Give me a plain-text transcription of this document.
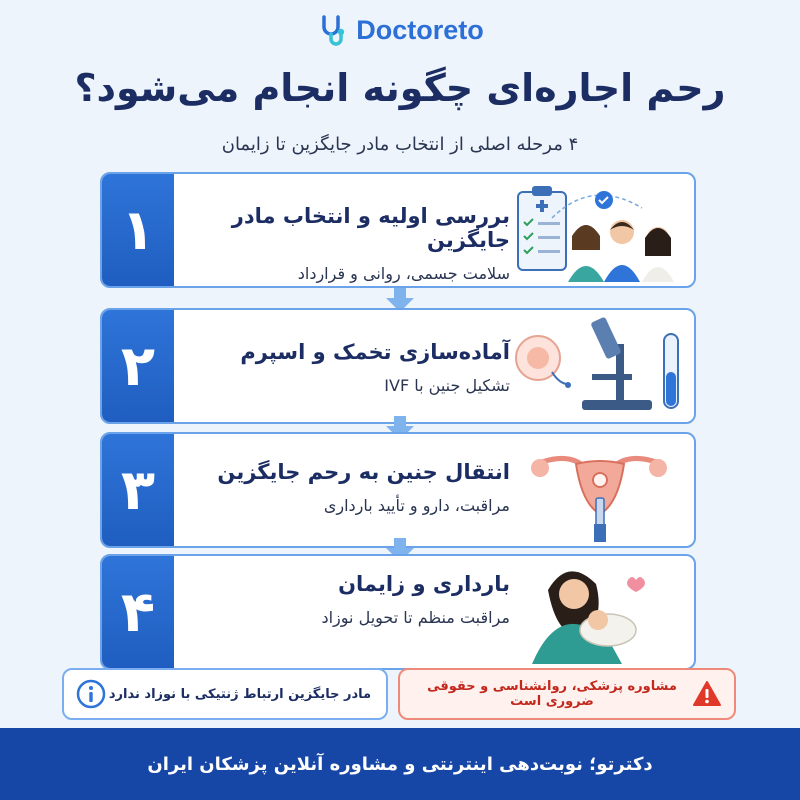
Doctoreto
رحم اجاره‌ای چگونه انجام می‌شود؟
۴ مرحله اصلی از انتخاب مادر جایگزین تا زایمان
۱	بررسی اولیه و انتخاب مادر جایگزین
سلامت جسمی، روانی و قرارداد
۲	آماده‌سازی تخمک و اسپرم
تشکیل جنین با IVF
۳	انتقال جنین به رحم جایگزین
مراقبت، دارو و تأیید بارداری
۴	بارداری و زایمان
مراقبت منظم تا تحویل نوزاد
مادر جایگزین ارتباط ژنتیکی با نوزاد ندارد	مشاوره پزشکی، روانشناسی و حقوقی ضروری است
دکترتو؛ نوبت‌دهی اینترنتی و مشاوره آنلاین پزشکان ایران
